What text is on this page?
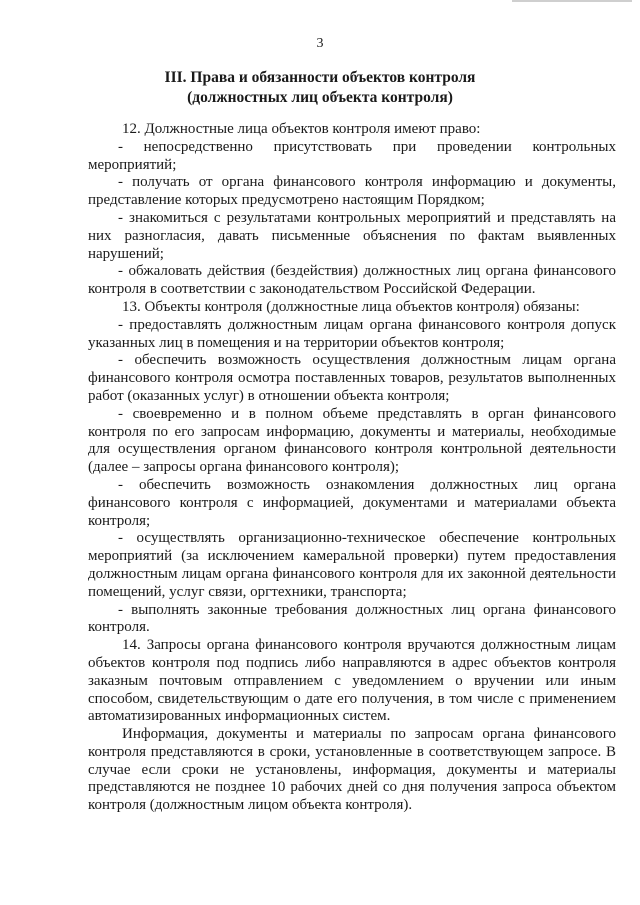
3
III. Права и обязанности объектов контроля (должностных лиц объекта контроля)

12. Должностные лица объектов контроля имеют право:

- непосредственно присутствовать при проведении контрольных мероприятий;

- получать от органа финансового контроля информацию и документы, представление которых предусмотрено настоящим Порядком;

- знакомиться с результатами контрольных мероприятий и представлять на них разногласия, давать письменные объяснения по фактам выявленных нарушений;

- обжаловать действия (бездействия) должностных лиц органа финансового контроля в соответствии с законодательством Российской Федерации.

13. Объекты контроля (должностные лица объектов контроля) обязаны:

- предоставлять должностным лицам органа финансового контроля допуск указанных лиц в помещения и на территории объектов контроля;

- обеспечить возможность осуществления должностным лицам органа финансового контроля осмотра поставленных товаров, результатов выполненных работ (оказанных услуг) в отношении объекта контроля;

- своевременно и в полном объеме представлять в орган финансового контроля по его запросам информацию, документы и материалы, необходимые для осуществления органом финансового контроля контрольной деятельности (далее – запросы органа финансового контроля);

- обеспечить возможность ознакомления должностных лиц органа финансового контроля с информацией, документами и материалами объекта контроля;

- осуществлять организационно-техническое обеспечение контрольных мероприятий (за исключением камеральной проверки) путем предоставления должностным лицам органа финансового контроля для их законной деятельности помещений, услуг связи, оргтехники, транспорта;

- выполнять законные требования должностных лиц органа финансового контроля.

14. Запросы органа финансового контроля вручаются должностным лицам объектов контроля под подпись либо направляются в адрес объектов контроля заказным почтовым отправлением с уведомлением о вручении или иным способом, свидетельствующим о дате его получения, в том числе с применением автоматизированных информационных систем.

Информация, документы и материалы по запросам органа финансового контроля представляются в сроки, установленные в соответствующем запросе. В случае если сроки не установлены, информация, документы и материалы представляются не позднее 10 рабочих дней со дня получения запроса объектом контроля (должностным лицом объекта контроля).
